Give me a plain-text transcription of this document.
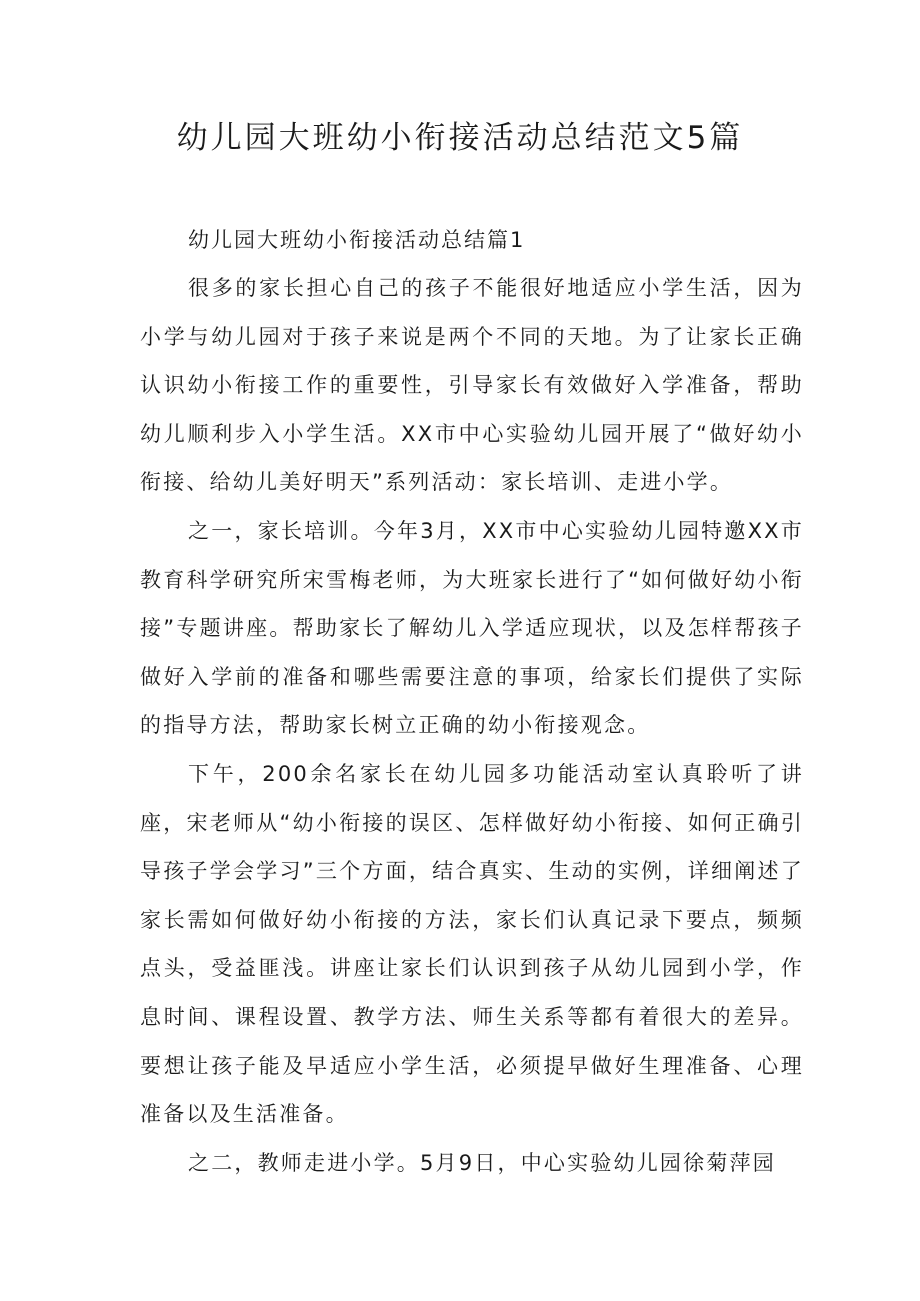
幼儿园大班幼小衔接活动总结范文5篇

幼儿园大班幼小衔接活动总结篇1

很多的家长担心自己的孩子不能很好地适应小学生活，因为小学与幼儿园对于孩子来说是两个不同的天地。为了让家长正确认识幼小衔接工作的重要性，引导家长有效做好入学准备，帮助幼儿顺利步入小学生活。XX市中心实验幼儿园开展了“做好幼小衔接、给幼儿美好明天”系列活动：家长培训、走进小学。

之一，家长培训。今年3月，XX市中心实验幼儿园特邀XX市教育科学研究所宋雪梅老师，为大班家长进行了“如何做好幼小衔接”专题讲座。帮助家长了解幼儿入学适应现状，以及怎样帮孩子做好入学前的准备和哪些需要注意的事项，给家长们提供了实际的指导方法，帮助家长树立正确的幼小衔接观念。

下午，200余名家长在幼儿园多功能活动室认真聆听了讲座，宋老师从“幼小衔接的误区、怎样做好幼小衔接、如何正确引导孩子学会学习”三个方面，结合真实、生动的实例，详细阐述了家长需如何做好幼小衔接的方法，家长们认真记录下要点，频频点头，受益匪浅。讲座让家长们认识到孩子从幼儿园到小学，作息时间、课程设置、教学方法、师生关系等都有着很大的差异。要想让孩子能及早适应小学生活，必须提早做好生理准备、心理准备以及生活准备。

之二，教师走进小学。5月9日，中心实验幼儿园徐菊萍园
